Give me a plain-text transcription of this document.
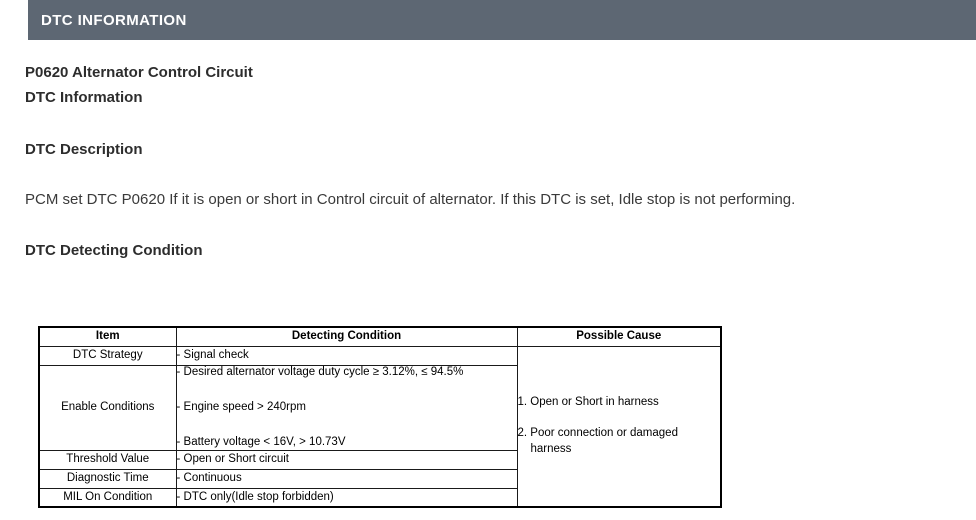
DTC INFORMATION
P0620 Alternator Control Circuit
DTC Information
DTC Description
PCM set DTC P0620 If it is open or short in Control circuit of alternator. If this DTC is set, Idle stop is not performing.
DTC Detecting Condition
Item	Detecting Condition	Possible Cause
DTC Strategy	- Signal check	1. Open or Short in harness
2. Poor connection or damaged harness

Enable Conditions	- Desired alternator voltage duty cycle ≥ 3.12%, ≤ 94.5%
- Engine speed > 240rpm
- Battery voltage < 16V, > 10.73V	

Threshold Value	- Open or Short circuit	
Diagnostic Time	- Continuous	
MIL On Condition	- DTC only(Idle stop forbidden)	
